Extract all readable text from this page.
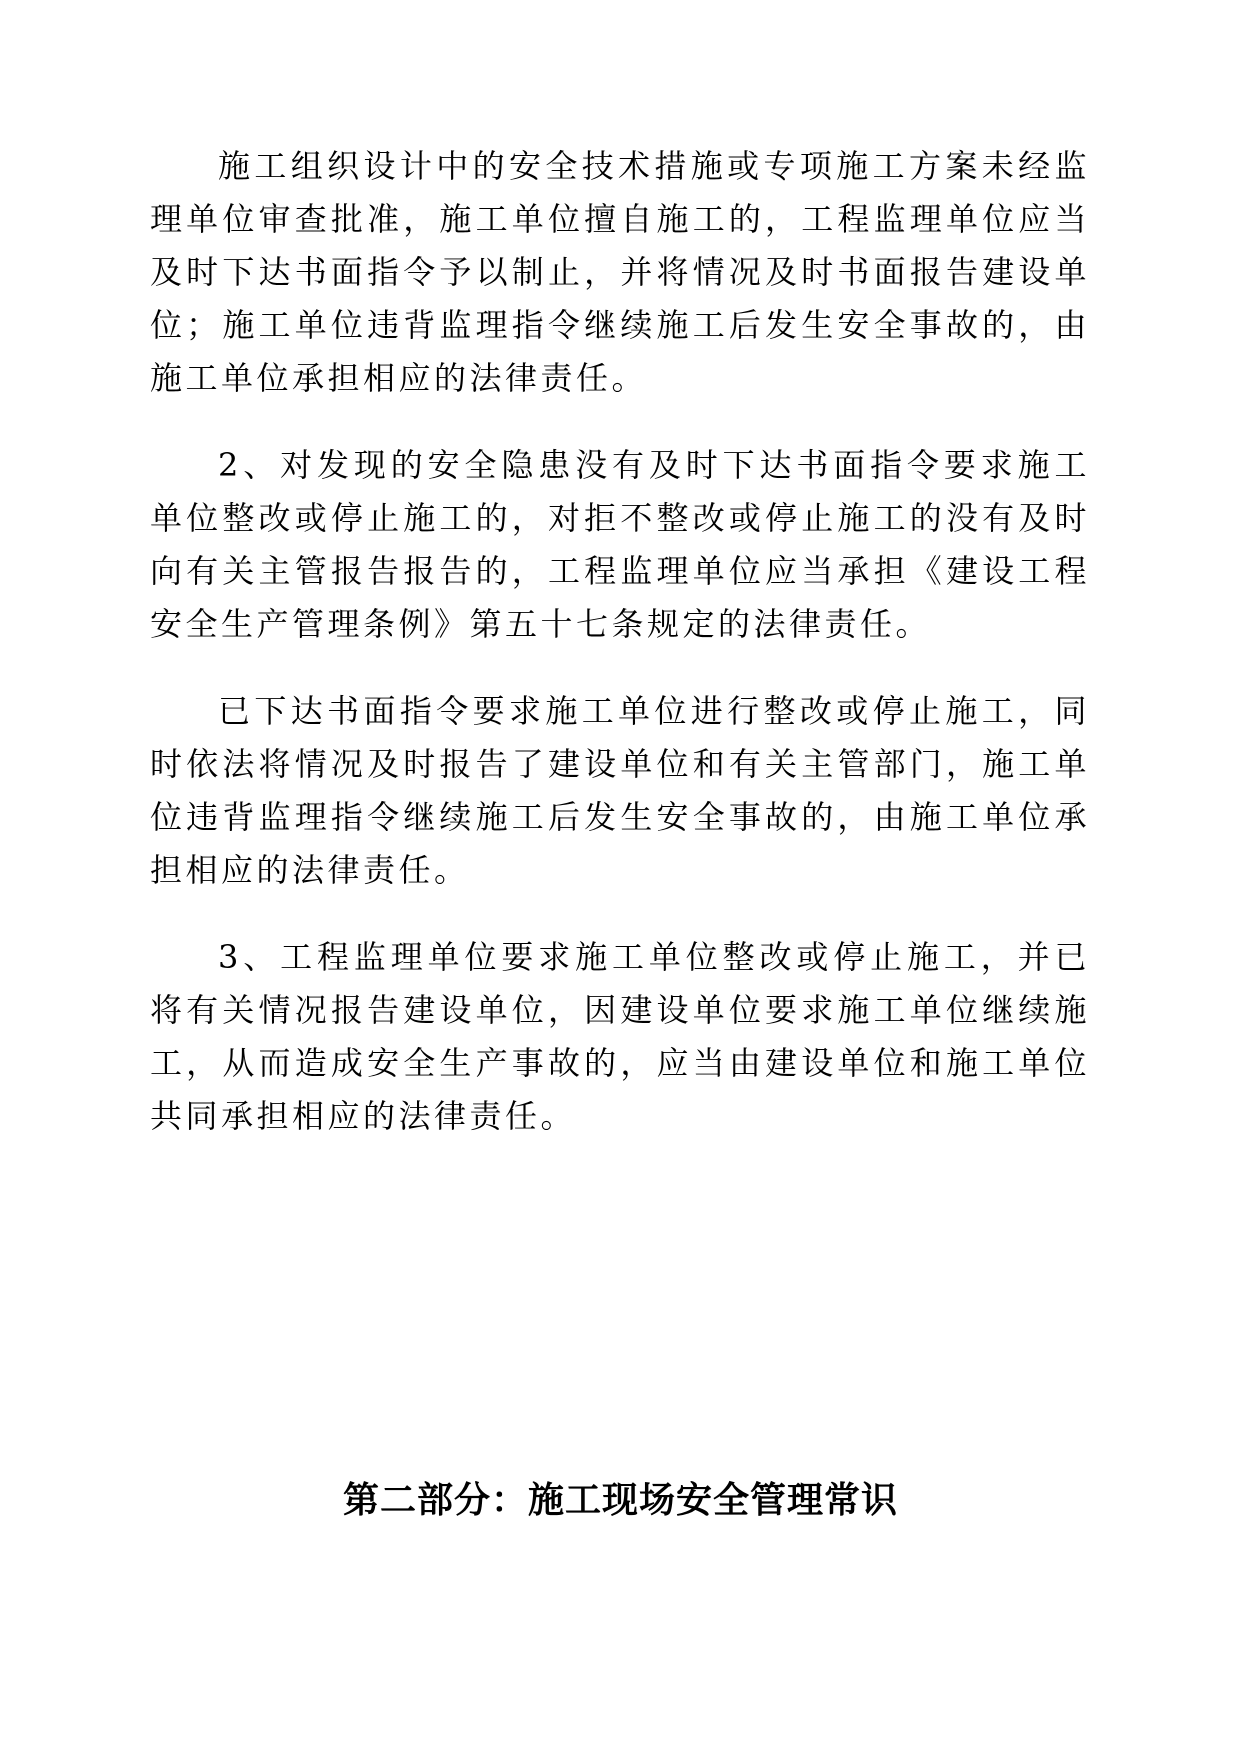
施工组织设计中的安全技术措施或专项施工方案未经监理单位审查批准，施工单位擅自施工的，工程监理单位应当及时下达书面指令予以制止，并将情况及时书面报告建设单位；施工单位违背监理指令继续施工后发生安全事故的，由施工单位承担相应的法律责任。

2、对发现的安全隐患没有及时下达书面指令要求施工单位整改或停止施工的，对拒不整改或停止施工的没有及时向有关主管报告报告的，工程监理单位应当承担《建设工程安全生产管理条例》第五十七条规定的法律责任。

已下达书面指令要求施工单位进行整改或停止施工，同时依法将情况及时报告了建设单位和有关主管部门，施工单位违背监理指令继续施工后发生安全事故的，由施工单位承担相应的法律责任。

3、工程监理单位要求施工单位整改或停止施工，并已将有关情况报告建设单位，因建设单位要求施工单位继续施工，从而造成安全生产事故的，应当由建设单位和施工单位共同承担相应的法律责任。

第二部分：施工现场安全管理常识
